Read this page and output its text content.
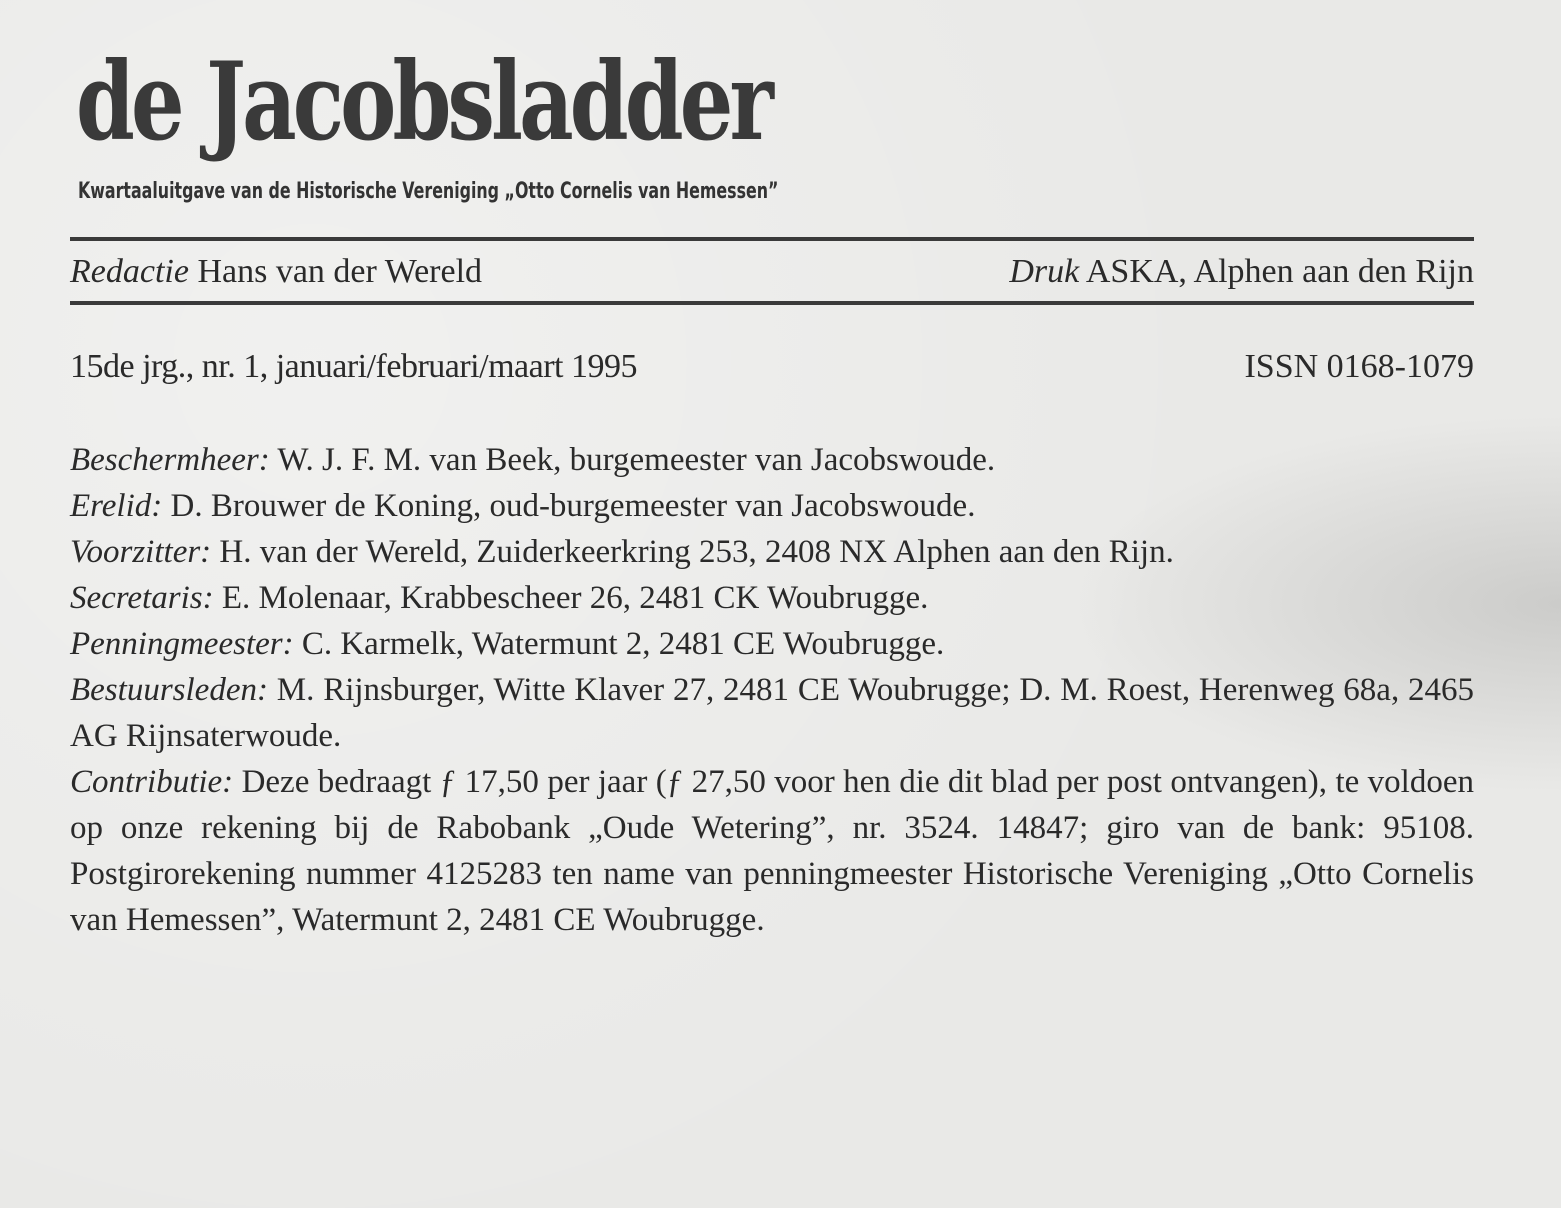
de Jacobsladder
Kwartaaluitgave van de Historische Vereniging „Otto Cornelis van Hemessen”
Redactie Hans van der Wereld	Druk ASKA, Alphen aan den Rijn
15de jrg., nr. 1, januari/februari/maart 1995	ISSN 0168-1079

Beschermheer: W. J. F. M. van Beek, burgemeester van Jacobswoude.

Erelid: D. Brouwer de Koning, oud-burgemeester van Jacobswoude.

Voorzitter: H. van der Wereld, Zuiderkeerkring 253, 2408 NX Alphen aan den Rijn.

Secretaris: E. Molenaar, Krabbescheer 26, 2481 CK Woubrugge.

Penningmeester: C. Karmelk, Watermunt 2, 2481 CE Woubrugge.

Bestuursleden: M. Rijnsburger, Witte Klaver 27, 2481 CE Woubrugge; D. M. Roest, Herenweg 68a, 2465 AG Rijnsaterwoude.

Contributie: Deze bedraagt ƒ 17,50 per jaar (ƒ 27,50 voor hen die dit blad per post ontvangen), te voldoen op onze rekening bij de Rabobank „Oude Wetering”, nr. 3524. 14847; giro van de bank: 95108. Postgirorekening nummer 4125283 ten name van penningmeester Historische Vereniging „Otto Cornelis van Hemessen”, Watermunt 2, 2481 CE Woubrugge.
